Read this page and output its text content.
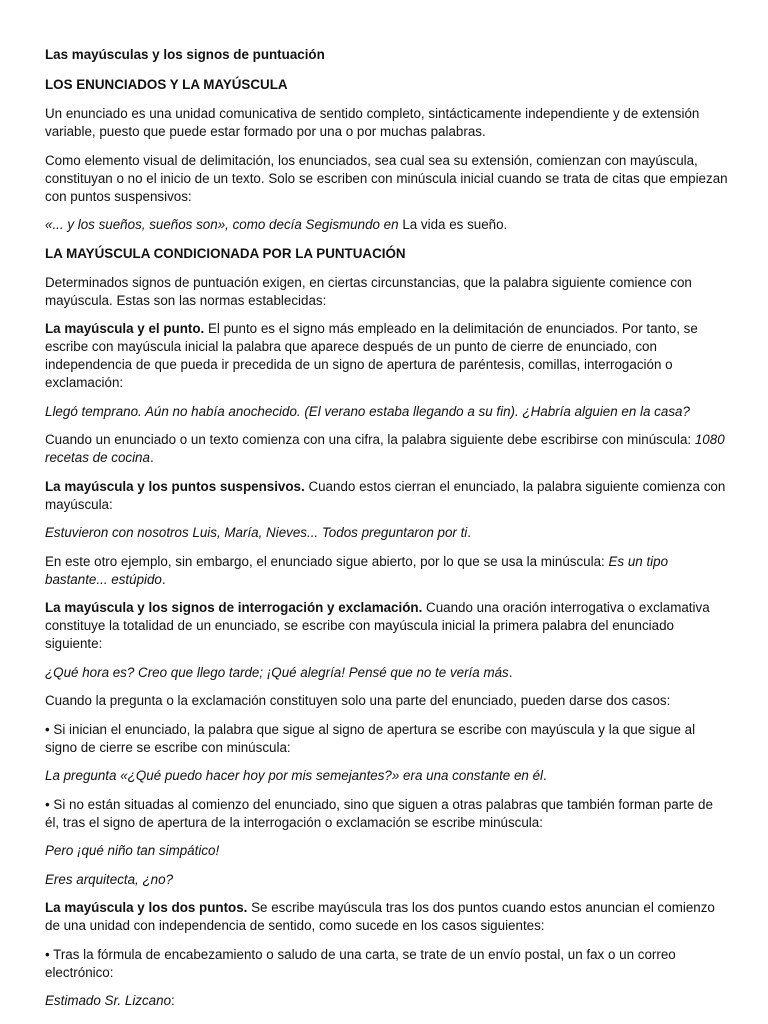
Las mayúsculas y los signos de puntuación

LOS ENUNCIADOS Y LA MAYÚSCULA

Un enunciado es una unidad comunicativa de sentido completo, sintácticamente independiente y de extensión variable, puesto que puede estar formado por una o por muchas palabras.

Como elemento visual de delimitación, los enunciados, sea cual sea su extensión, comienzan con mayúscula, constituyan o no el inicio de un texto. Solo se escriben con minúscula inicial cuando se trata de citas que empiezan con puntos suspensivos:

«... y los sueños, sueños son», como decía Segismundo en La vida es sueño.

LA MAYÚSCULA CONDICIONADA POR LA PUNTUACIÓN

Determinados signos de puntuación exigen, en ciertas circunstancias, que la palabra siguiente comience con mayúscula. Estas son las normas establecidas:

La mayúscula y el punto. El punto es el signo más empleado en la delimitación de enunciados. Por tanto, se escribe con mayúscula inicial la palabra que aparece después de un punto de cierre de enunciado, con independencia de que pueda ir precedida de un signo de apertura de paréntesis, comillas, interrogación o exclamación:

Llegó temprano. Aún no había anochecido. (El verano estaba llegando a su fin). ¿Habría alguien en la casa?

Cuando un enunciado o un texto comienza con una cifra, la palabra siguiente debe escribirse con minúscula: 1080 recetas de cocina.

La mayúscula y los puntos suspensivos. Cuando estos cierran el enunciado, la palabra siguiente comienza con mayúscula:

Estuvieron con nosotros Luis, María, Nieves... Todos preguntaron por ti.

En este otro ejemplo, sin embargo, el enunciado sigue abierto, por lo que se usa la minúscula: Es un tipo bastante... estúpido.

La mayúscula y los signos de interrogación y exclamación. Cuando una oración interrogativa o exclamativa constituye la totalidad de un enunciado, se escribe con mayúscula inicial la primera palabra del enunciado siguiente:

¿Qué hora es? Creo que llego tarde; ¡Qué alegría! Pensé que no te vería más.

Cuando la pregunta o la exclamación constituyen solo una parte del enunciado, pueden darse dos casos:

• Si inician el enunciado, la palabra que sigue al signo de apertura se escribe con mayúscula y la que sigue al signo de cierre se escribe con minúscula:

La pregunta «¿Qué puedo hacer hoy por mis semejantes?» era una constante en él.

• Si no están situadas al comienzo del enunciado, sino que siguen a otras palabras que también forman parte de él, tras el signo de apertura de la interrogación o exclamación se escribe minúscula:

Pero ¡qué niño tan simpático!

Eres arquitecta, ¿no?

La mayúscula y los dos puntos. Se escribe mayúscula tras los dos puntos cuando estos anuncian el comienzo de una unidad con independencia de sentido, como sucede en los casos siguientes:

• Tras la fórmula de encabezamiento o saludo de una carta, se trate de un envío postal, un fax o un correo electrónico:

Estimado Sr. Lizcano:
